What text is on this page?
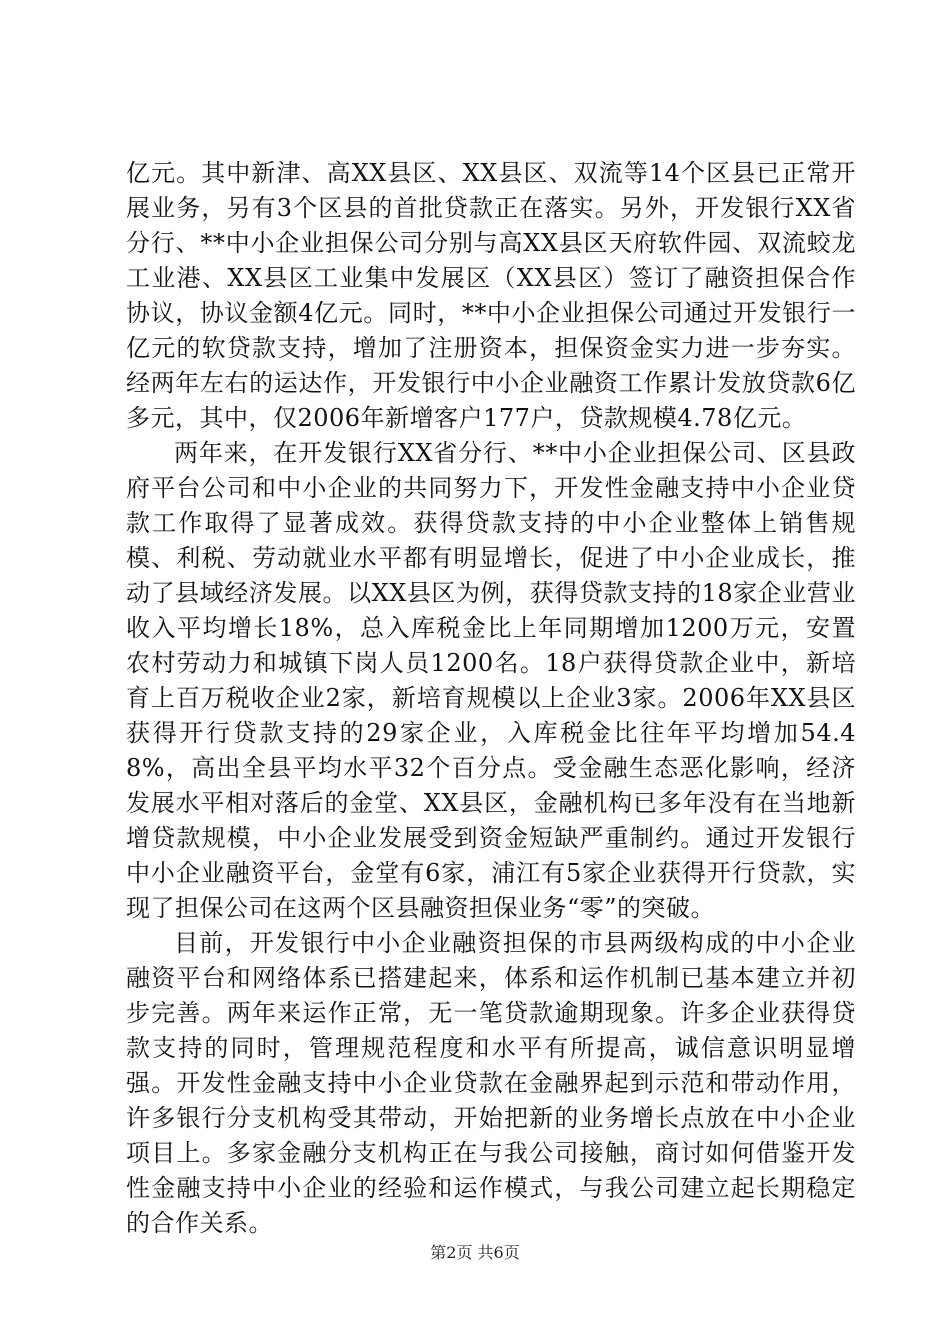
亿元。其中新津、高XX县区、XX县区、双流等14个区县已正常开展业务，另有3个区县的首批贷款正在落实。另外，开发银行XX省分行、**中小企业担保公司分别与高XX县区天府软件园、双流蛟龙工业港、XX县区工业集中发展区（XX县区）签订了融资担保合作协议，协议金额4亿元。同时，**中小企业担保公司通过开发银行一亿元的软贷款支持，增加了注册资本，担保资金实力进一步夯实。经两年左右的运达作，开发银行中小企业融资工作累计发放贷款6亿多元，其中，仅2006年新增客户177户，贷款规模4.78亿元。

两年来，在开发银行XX省分行、**中小企业担保公司、区县政府平台公司和中小企业的共同努力下，开发性金融支持中小企业贷款工作取得了显著成效。获得贷款支持的中小企业整体上销售规模、利税、劳动就业水平都有明显增长，促进了中小企业成长，推动了县域经济发展。以XX县区为例，获得贷款支持的18家企业营业收入平均增长18%，总入库税金比上年同期增加1200万元，安置农村劳动力和城镇下岗人员1200名。18户获得贷款企业中，新培育上百万税收企业2家，新培育规模以上企业3家。2006年XX县区获得开行贷款支持的29家企业，入库税金比往年平均增加54.48%，高出全县平均水平32个百分点。受金融生态恶化影响，经济发展水平相对落后的金堂、XX县区，金融机构已多年没有在当地新增贷款规模，中小企业发展受到资金短缺严重制约。通过开发银行中小企业融资平台，金堂有6家，浦江有5家企业获得开行贷款，实现了担保公司在这两个区县融资担保业务“零”的突破。

目前，开发银行中小企业融资担保的市县两级构成的中小企业融资平台和网络体系已搭建起来，体系和运作机制已基本建立并初步完善。两年来运作正常，无一笔贷款逾期现象。许多企业获得贷款支持的同时，管理规范程度和水平有所提高，诚信意识明显增强。开发性金融支持中小企业贷款在金融界起到示范和带动作用，许多银行分支机构受其带动，开始把新的业务增长点放在中小企业项目上。多家金融分支机构正在与我公司接触，商讨如何借鉴开发性金融支持中小企业的经验和运作模式，与我公司建立起长期稳定的合作关系。

第2页 共6页
